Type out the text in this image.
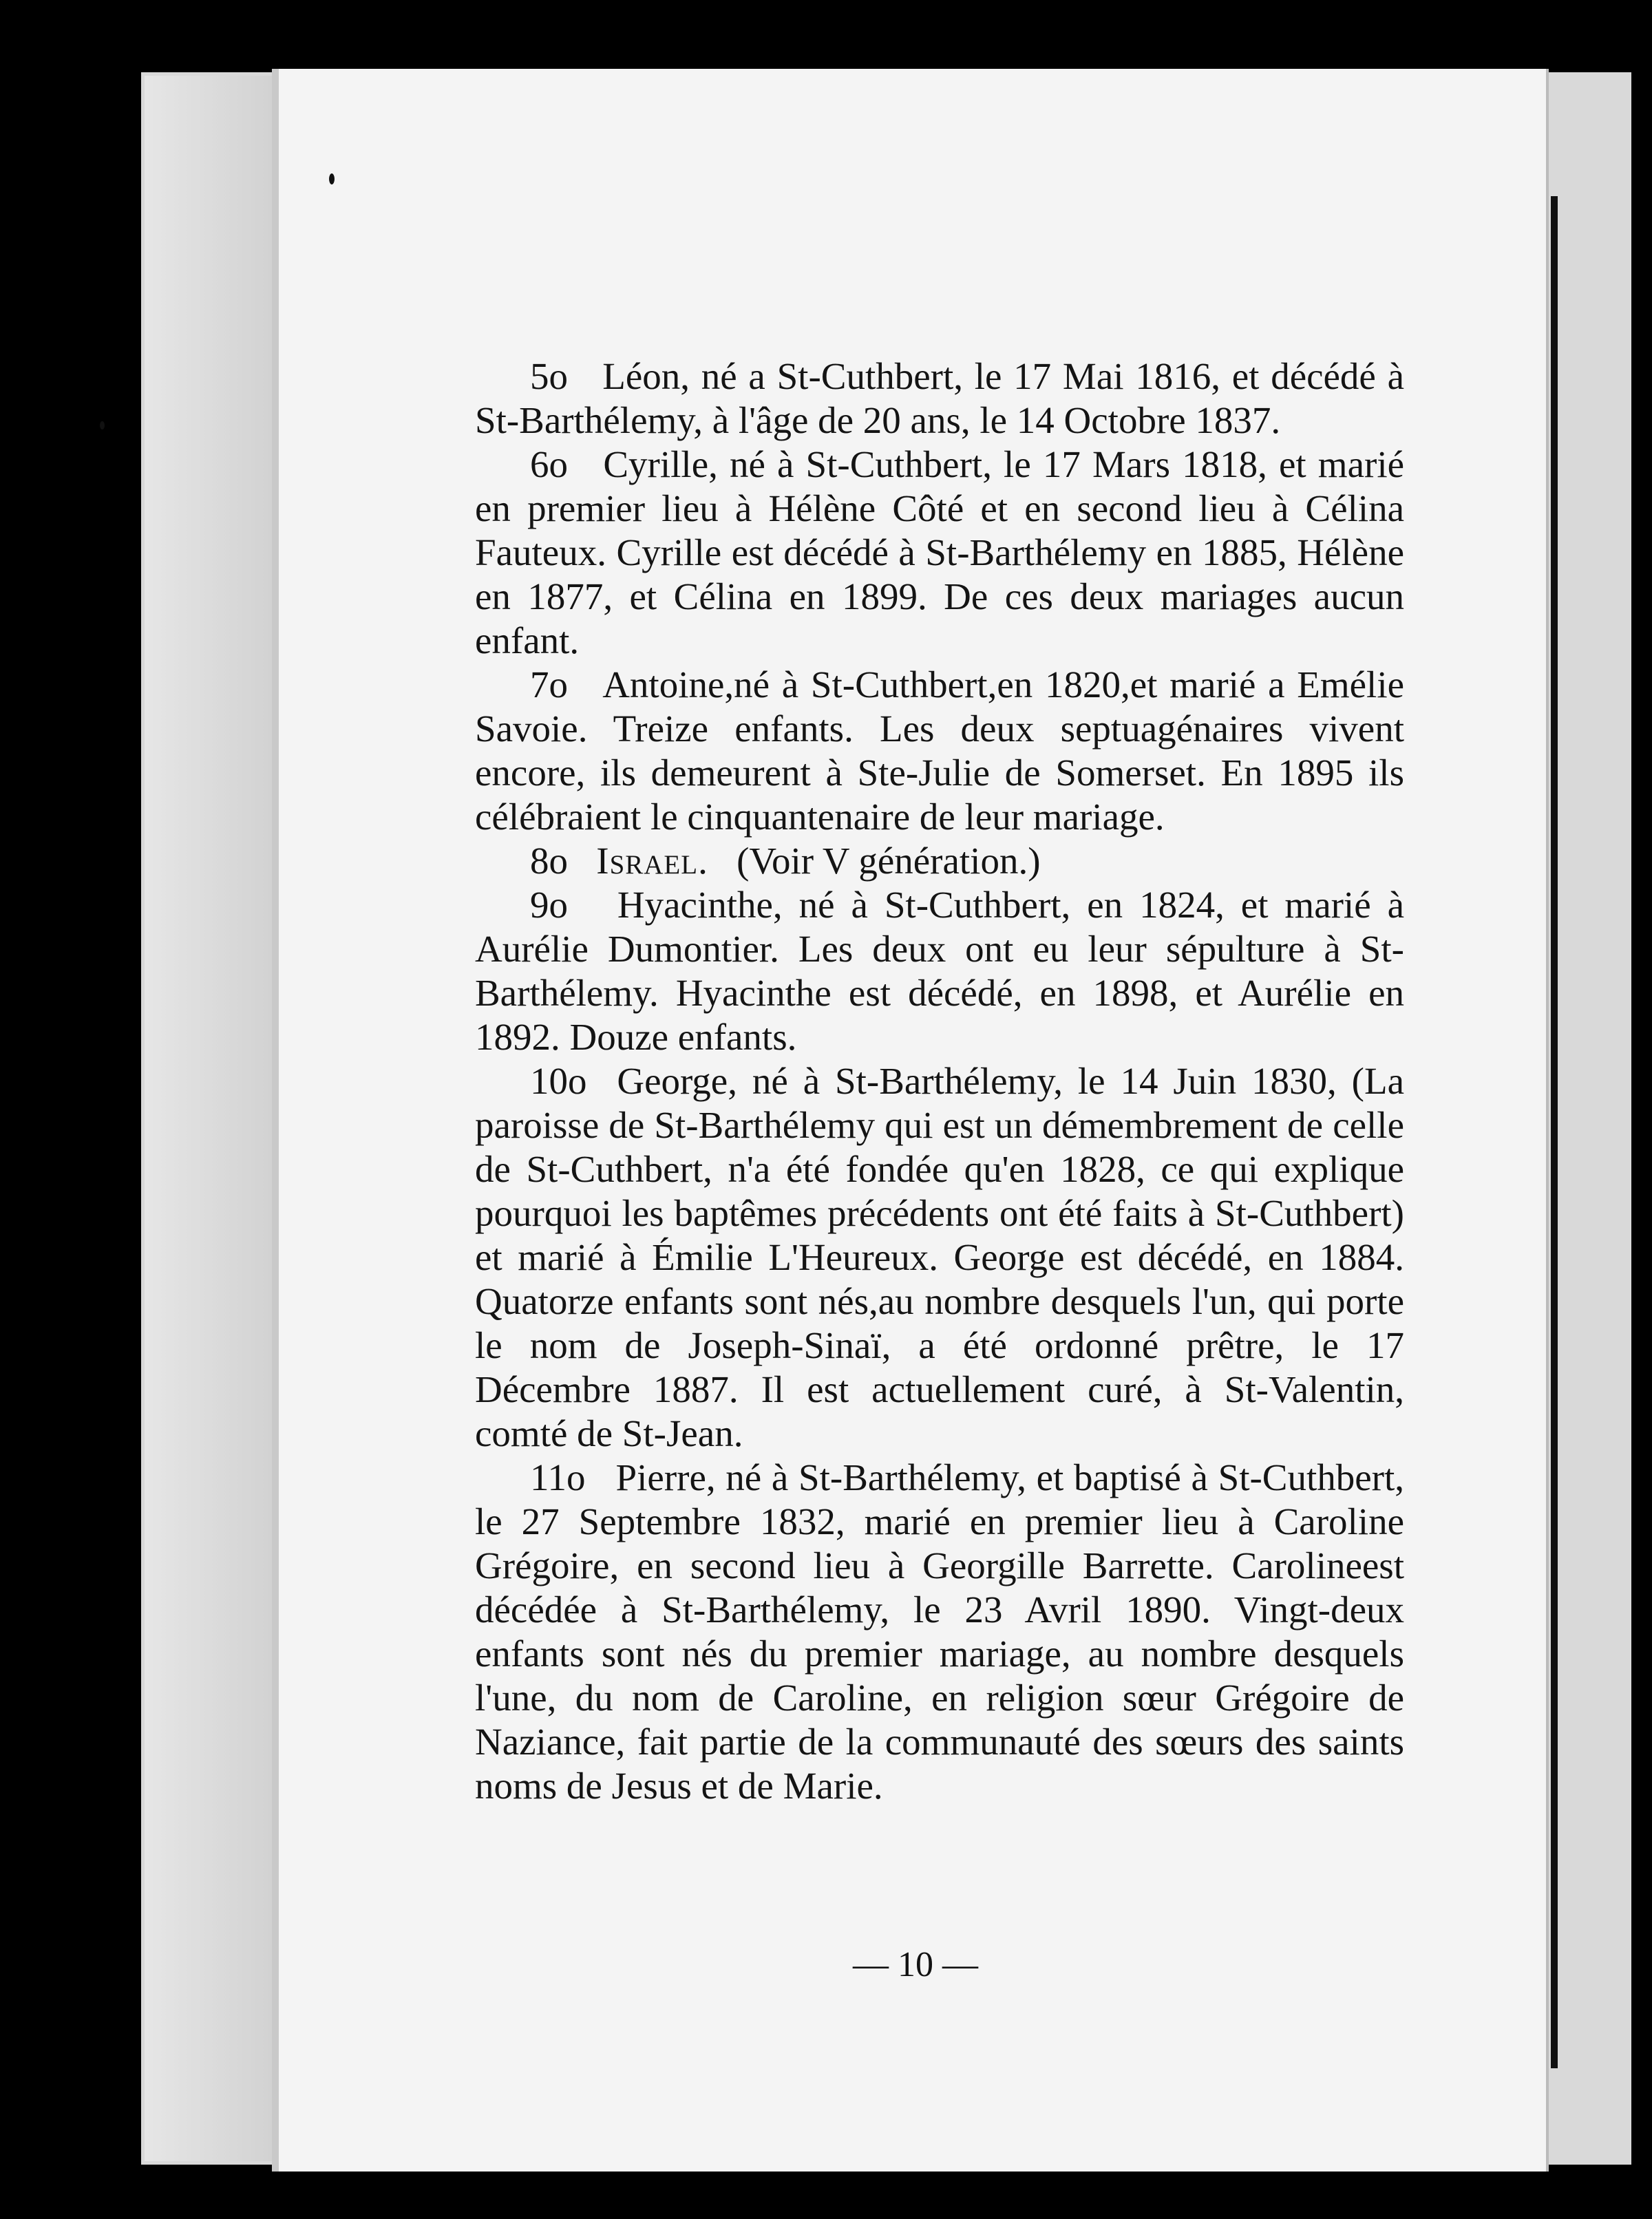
5o Léon, né a St-Cuthbert, le 17 Mai 1816, et décédé à St-Barthélemy, à l'âge de 20 ans, le 14 Octobre 1837.

6o Cyrille, né à St-Cuthbert, le 17 Mars 1818, et marié en premier lieu à Hélène Côté et en second lieu à Célina Fauteux. Cyrille est décédé à St-Barthélemy en 1885, Hélène en 1877, et Célina en 1899. De ces deux mariages aucun enfant.

7o Antoine,né à St-Cuthbert,en 1820,et marié a Emélie Savoie. Treize enfants. Les deux septuagénaires vivent encore, ils demeurent à Ste-Julie de Somerset. En 1895 ils célébraient le cinquantenaire de leur mariage.

8o Israel. (Voir V génération.)

9o Hyacinthe, né à St-Cuthbert, en 1824, et marié à Aurélie Dumontier. Les deux ont eu leur sépulture à St-Barthélemy. Hyacinthe est décédé, en 1898, et Aurélie en 1892. Douze enfants.

10o George, né à St-Barthélemy, le 14 Juin 1830, (La paroisse de St-Barthélemy qui est un démembrement de celle de St-Cuthbert, n'a été fondée qu'en 1828, ce qui explique pourquoi les baptêmes précédents ont été faits à St-Cuthbert) et marié à Émilie L'Heureux. George est décédé, en 1884. Quatorze enfants sont nés,au nombre desquels l'un, qui porte le nom de Joseph-Sinaï, a été ordonné prêtre, le 17 Décembre 1887. Il est actuellement curé, à St-Valentin, comté de St-Jean.

11o Pierre, né à St-Barthélemy, et baptisé à St-Cuthbert, le 27 Septembre 1832, marié en premier lieu à Caroline Grégoire, en second lieu à Georgille Barrette. Carolineest décédée à St-Barthélemy, le 23 Avril 1890. Vingt-deux enfants sont nés du premier mariage, au nombre desquels l'une, du nom de Caroline, en religion sœur Grégoire de Naziance, fait partie de la communauté des sœurs des saints noms de Jesus et de Marie.

— 10 —
